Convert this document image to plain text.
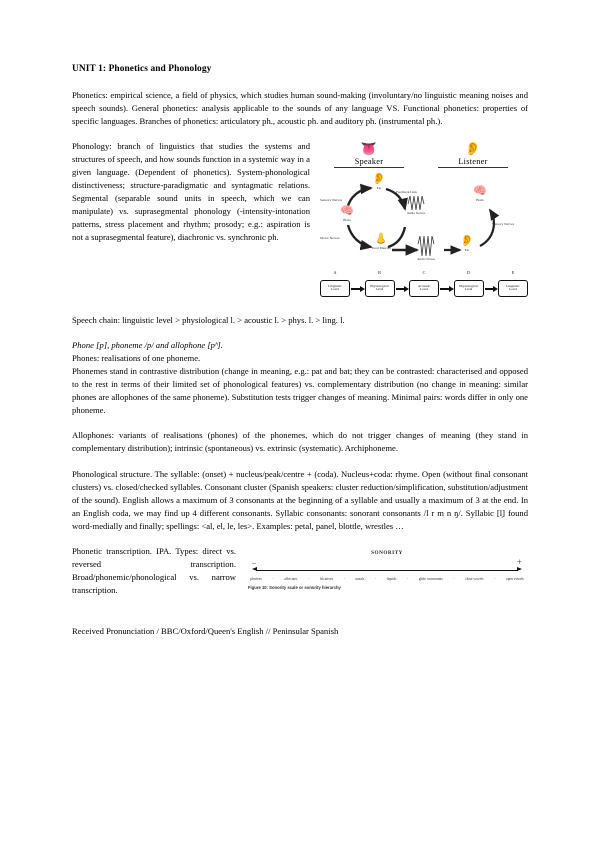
UNIT 1: Phonetics and Phonology

Phonetics: empirical science, a field of physics, which studies human sound-making (involuntary/no linguistic meaning noises and speech sounds). General phonetics: analysis applicable to the sounds of any language VS. Functional phonetics: properties of specific languages. Branches of phonetics: articulatory ph., acoustic ph. and auditory ph. (instrumental ph.).

👅
Speaker
👂
Listener
🧠
Brain
👂
Ear
👃
Vocal Muscles
Audio Nerves
Audio Waves
👂
Ear
🧠
Brain
Sensory Nerves
Feedback Link
Motor Nerves
Sensory Nerves
A	B	C	D	E
Linguistic
Level
Physiological
Level
Acoustic
Level
Physiological
Level
Linguistic
Level

Phonology: branch of linguistics that studies the systems and structures of speech, and how sounds function in a systemic way in a given language. (Dependent of phonetics). System-phonological distinctiveness; structure-paradigmatic and syntagmatic relations. Segmental (separable sound units in speech, which we can manipulate) vs. suprasegmental phonology (-intensity-intonation patterns, stress placement and rhythm; prosody; e.g.: aspiration is not a suprasegmental feature), diachronic vs. synchronic ph.

Speech chain: linguistic level > physiological l. > acoustic l. > phys. l. > ling. l.

Phone [p], phoneme /p/ and allophone [pʰ].

Phones: realisations of one phoneme.

Phonemes stand in contrastive distribution (change in meaning, e.g.: pat and bat; they can be contrasted: characterised and opposed to the rest in terms of their limited set of phonological features) vs. complementary distribution (no change in meaning: similar phones are allophones of the same phoneme). Substitution tests trigger changes of meaning. Minimal pairs: words differ in only one phoneme.

Allophones: variants of realisations (phones) of the phonemes, which do not trigger changes of meaning (they stand in complementary distribution); intrinsic (spontaneous) vs. extrinsic (systematic). Archiphoneme.

Phonological structure. The syllable: (onset) + nucleus/peak/centre + (coda). Nucleus+coda: rhyme. Open (without final consonant clusters) vs. closed/checked syllables. Consonant cluster (Spanish speakers: cluster reduction/simplification, substitution/adjustment of the sound). English allows a maximum of 3 consonants at the beginning of a syllable and usually a maximum of 3 at the end. In an English coda, we may find up 4 different consonants. Syllabic consonants: sonorant consonants /l r m n ŋ/. Syllabic [l̩] found word-medially and finally; spellings: <al, el, le, les>. Examples: petal, panel, blottle, wrestles …

SONORITY
–	+
plosives	-	affricates	-	fricatives	-	nasals	-	liquids	-	glide consonants	-	close vowels	-	open vowels
Figure 10: Sonority scale or sonority hierarchy

Phonetic transcription. IPA. Types: direct vs. reversed transcription. Broad/phonemic/phonological vs. narrow transcription.

Received Pronunciation / BBC/Oxford/Queen's English // Peninsular Spanish
